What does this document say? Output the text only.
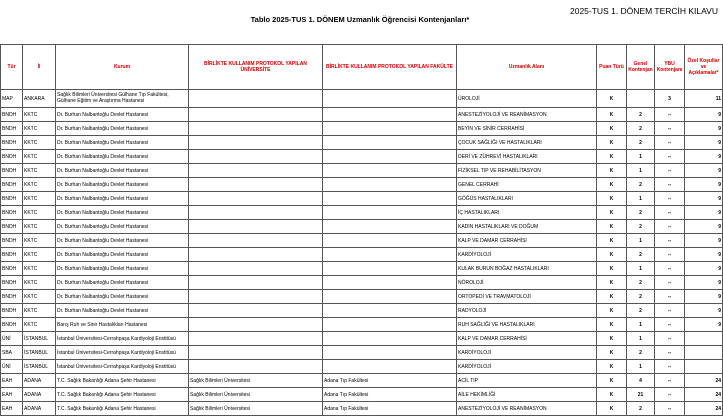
2025-TUS 1. DÖNEM TERCİH KILAVU
Tablo 2025-TUS 1. DÖNEM Uzmanlık Öğrencisi Kontenjanları*
Tür	İl	Kurum	BİRLİKTE KULLANIM PROTOKOL YAPILAN ÜNİVERSİTE	BİRLİKTE KULLANIM PROTOKOL YAPILAN FAKÜLTE	Uzmanlık Alanı	Puan Türü	Genel Kontenjan	YBU Kontenjanı	Özel Koşullar ve Açıklamalar*
MAP	ANKARA	Sağlık Bilimleri Üniversitesi Gülhane Tıp Fakültesi, Gülhane Eğitim ve Araştırma Hastanesi			ÜROLOJİ	K		3	11
BNDH	KKTC	Dr. Burhan Nalbantoğlu Devlet Hastanesi			ANESTEZİYOLOJİ VE REANİMASYON	K	2	--	9
BNDH	KKTC	Dr. Burhan Nalbantoğlu Devlet Hastanesi			BEYİN VE SİNİR CERRAHİSİ	K	2	--	9
BNDH	KKTC	Dr. Burhan Nalbantoğlu Devlet Hastanesi			ÇOCUK SAĞLIĞI VE HASTALIKLARI	K	2	--	9
BNDH	KKTC	Dr. Burhan Nalbantoğlu Devlet Hastanesi			DERİ VE ZÜHREVİ HASTALIKLARI	K	1	--	9
BNDH	KKTC	Dr. Burhan Nalbantoğlu Devlet Hastanesi			FİZİKSEL TIP VE REHABİLİTASYON	K	1	--	9
BNDH	KKTC	Dr. Burhan Nalbantoğlu Devlet Hastanesi			GENEL CERRAHİ	K	2	--	9
BNDH	KKTC	Dr. Burhan Nalbantoğlu Devlet Hastanesi			GÖĞÜS HASTALIKLARI	K	1	--	9
BNDH	KKTC	Dr. Burhan Nalbantoğlu Devlet Hastanesi			İÇ HASTALIKLARI	K	2	--	9
BNDH	KKTC	Dr. Burhan Nalbantoğlu Devlet Hastanesi			KADIN HASTALIKLARI VE DOĞUM	K	2	--	9
BNDH	KKTC	Dr. Burhan Nalbantoğlu Devlet Hastanesi			KALP VE DAMAR CERRAHİSİ	K	1	--	9
BNDH	KKTC	Dr. Burhan Nalbantoğlu Devlet Hastanesi			KARDİYOLOJİ	K	2	--	9
BNDH	KKTC	Dr. Burhan Nalbantoğlu Devlet Hastanesi			KULAK BURUN BOĞAZ HASTALIKLARI	K	1	--	9
BNDH	KKTC	Dr. Burhan Nalbantoğlu Devlet Hastanesi			NÖROLOJİ	K	2	--	9
BNDH	KKTC	Dr. Burhan Nalbantoğlu Devlet Hastanesi			ORTOPEDİ VE TRAVMATOLOJİ	K	2	--	9
BNDH	KKTC	Dr. Burhan Nalbantoğlu Devlet Hastanesi			RADYOLOJİ	K	2	--	9
BNDH	KKTC	Barış Ruh ve Sinir Hastalıkları Hastanesi			RUH SAĞLIĞI VE HASTALIKLARI	K	1	--	9
ÜNİ	İSTANBUL	İstanbul Üniversitesi-Cerrahpaşa Kardiyoloji Enstitüsü			KALP VE DAMAR CERRAHİSİ	K	1	--	
SBA	İSTANBUL	İstanbul Üniversitesi-Cerrahpaşa Kardiyoloji Enstitüsü			KARDİYOLOJİ	K	2	--	
ÜNİ	İSTANBUL	İstanbul Üniversitesi-Cerrahpaşa Kardiyoloji Enstitüsü			KARDİYOLOJİ	K	1	--	
EAH	ADANA	T.C. Sağlık Bakanlığı Adana Şehir Hastanesi	Sağlık Bilimleri Üniversitesi	Adana Tıp Fakültesi	ACİL TIP	K	4	--	24
EAH	ADANA	T.C. Sağlık Bakanlığı Adana Şehir Hastanesi	Sağlık Bilimleri Üniversitesi	Adana Tıp Fakültesi	AİLE HEKİMLİĞİ	K	21	--	24
EAH	ADANA	T.C. Sağlık Bakanlığı Adana Şehir Hastanesi	Sağlık Bilimleri Üniversitesi	Adana Tıp Fakültesi	ANESTEZİYOLOJİ VE REANİMASYON	K	2	--	24
